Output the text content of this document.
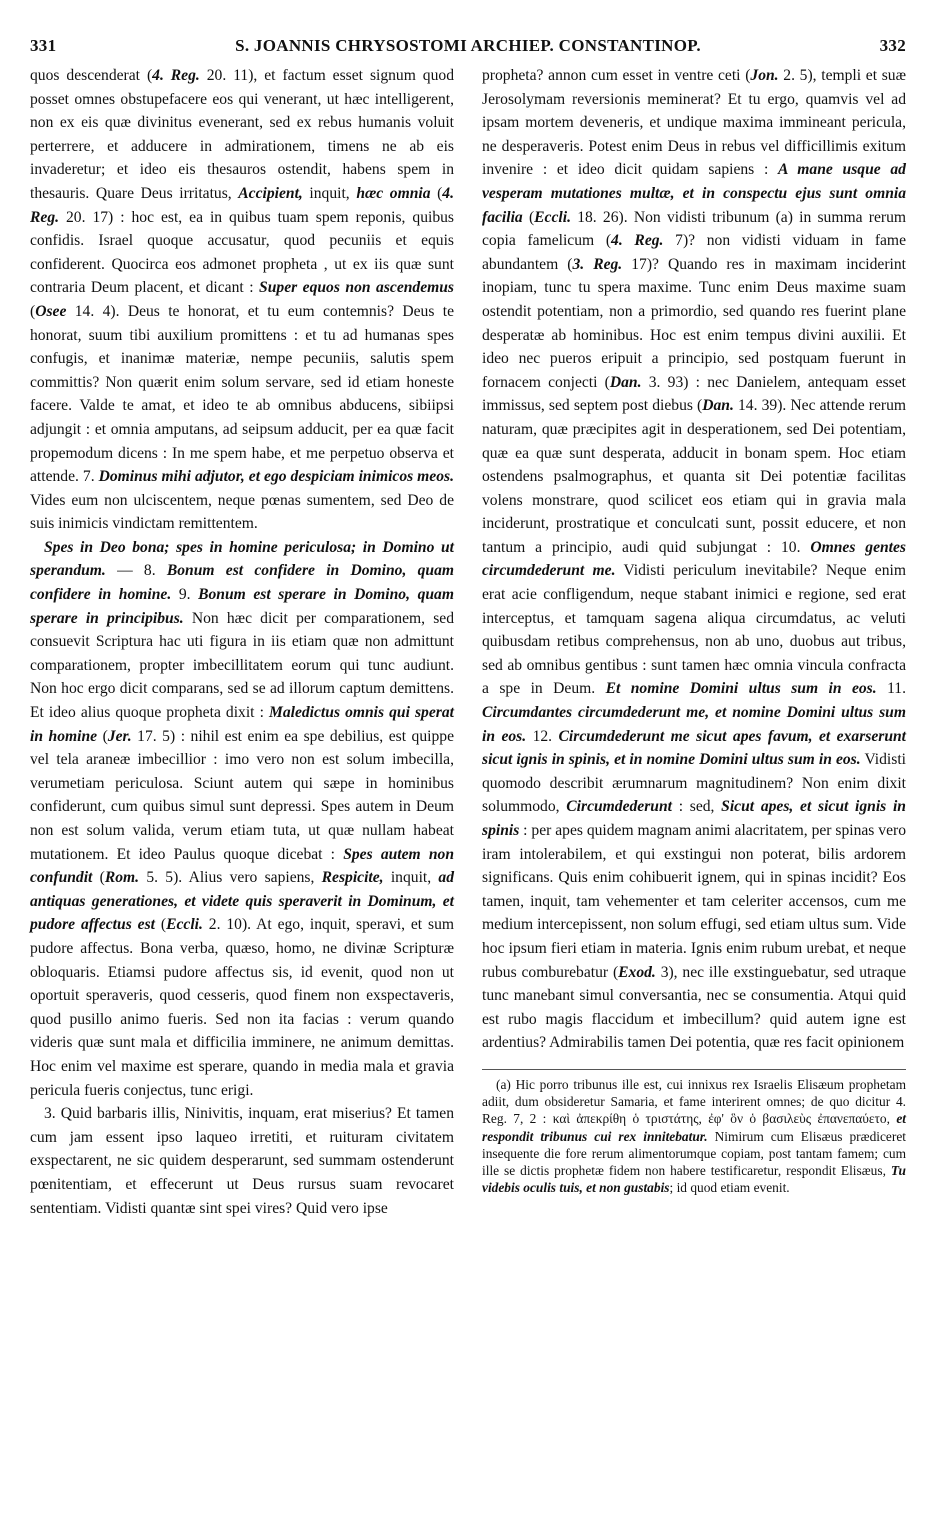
331	S. JOANNIS CHRYSOSTOMI ARCHIEP. CONSTANTINOP.	332

quos descenderat (4. Reg. 20. 11), et factum esset signum quod posset omnes obstupefacere eos qui venerant, ut hæc intelligerent, non ex eis quæ divinitus evenerant, sed ex rebus humanis voluit perterrere, et adducere in admirationem, timens ne ab eis invaderetur; et ideo eis thesauros ostendit, habens spem in thesauris. Quare Deus irritatus, Accipient, inquit, hæc omnia (4. Reg. 20. 17) : hoc est, ea in quibus tuam spem reponis, quibus confidis. Israel quoque accusatur, quod pecuniis et equis confiderent. Quocirca eos admonet propheta , ut ex iis quæ sunt contraria Deum placent, et dicant : Super equos non ascendemus (Osee 14. 4). Deus te honorat, et tu eum contemnis? Deus te honorat, suum tibi auxilium promittens : et tu ad humanas spes confugis, et inanimæ materiæ, nempe pecuniis, salutis spem committis? Non quærit enim solum servare, sed id etiam honeste facere. Valde te amat, et ideo te ab omnibus abducens, sibiipsi adjungit : et omnia amputans, ad seipsum adducit, per ea quæ facit propemodum dicens : In me spem habe, et me perpetuo observa et attende. 7. Dominus mihi adjutor, et ego despiciam inimicos meos. Vides eum non ulciscentem, neque pœnas sumentem, sed Deo de suis inimicis vindictam remittentem.

Spes in Deo bona; spes in homine periculosa; in Domino ut sperandum. — 8. Bonum est confidere in Domino, quam confidere in homine. 9. Bonum est sperare in Domino, quam sperare in principibus. Non hæc dicit per comparationem, sed consuevit Scriptura hac uti figura in iis etiam quæ non admittunt comparationem, propter imbecillitatem eorum qui tunc audiunt. Non hoc ergo dicit comparans, sed se ad illorum captum demittens. Et ideo alius quoque propheta dixit : Maledictus omnis qui sperat in homine (Jer. 17. 5) : nihil est enim ea spe debilius, est quippe vel tela araneæ imbecillior : imo vero non est solum imbecilla, verumetiam periculosa. Sciunt autem qui sæpe in hominibus confiderunt, cum quibus simul sunt depressi. Spes autem in Deum non est solum valida, verum etiam tuta, ut quæ nullam habeat mutationem. Et ideo Paulus quoque dicebat : Spes autem non confundit (Rom. 5. 5). Alius vero sapiens, Respicite, inquit, ad antiquas generationes, et videte quis speraverit in Dominum, et pudore affectus est (Eccli. 2. 10). At ego, inquit, speravi, et sum pudore affectus. Bona verba, quæso, homo, ne divinæ Scripturæ obloquaris. Etiamsi pudore affectus sis, id evenit, quod non ut oportuit speraveris, quod cesseris, quod finem non exspectaveris, quod pusillo animo fueris. Sed non ita facias : verum quando videris quæ sunt mala et difficilia imminere, ne animum demittas. Hoc enim vel maxime est sperare, quando in media mala et gravia pericula fueris conjectus, tunc erigi.

3. Quid barbaris illis, Ninivitis, inquam, erat miserius? Et tamen cum jam essent ipso laqueo irretiti, et ruituram civitatem exspectarent, ne sic quidem desperarunt, sed summam ostenderunt pœnitentiam, et effecerunt ut Deus rursus suam revocaret sententiam. Vidisti quantæ sint spei vires? Quid vero ipse

propheta? annon cum esset in ventre ceti (Jon. 2. 5), templi et suæ Jerosolymam reversionis meminerat? Et tu ergo, quamvis vel ad ipsam mortem deveneris, et undique maxima immineant pericula, ne desperaveris. Potest enim Deus in rebus vel difficillimis exitum invenire : et ideo dicit quidam sapiens : A mane usque ad vesperam mutationes multæ, et in conspectu ejus sunt omnia facilia (Eccli. 18. 26). Non vidisti tribunum (a) in summa rerum copia famelicum (4. Reg. 7)? non vidisti viduam in fame abundantem (3. Reg. 17)? Quando res in maximam inciderint inopiam, tunc tu spera maxime. Tunc enim Deus maxime suam ostendit potentiam, non a primordio, sed quando res fuerint plane desperatæ ab hominibus. Hoc est enim tempus divini auxilii. Et ideo nec pueros eripuit a principio, sed postquam fuerunt in fornacem conjecti (Dan. 3. 93) : nec Danielem, antequam esset immissus, sed septem post diebus (Dan. 14. 39). Nec attende rerum naturam, quæ præcipites agit in desperationem, sed Dei potentiam, quæ ea quæ sunt desperata, adducit in bonam spem. Hoc etiam ostendens psalmographus, et quanta sit Dei potentiæ facilitas volens monstrare, quod scilicet eos etiam qui in gravia mala inciderunt, prostratique et conculcati sunt, possit educere, et non tantum a principio, audi quid subjungat : 10. Omnes gentes circumdederunt me. Vidisti periculum inevitabile? Neque enim erat acie confligendum, neque stabant inimici e regione, sed erat interceptus, et tamquam sagena aliqua circumdatus, ac veluti quibusdam retibus comprehensus, non ab uno, duobus aut tribus, sed ab omnibus gentibus : sunt tamen hæc omnia vincula confracta a spe in Deum. Et nomine Domini ultus sum in eos. 11. Circumdantes circumdederunt me, et nomine Domini ultus sum in eos. 12. Circumdederunt me sicut apes favum, et exarserunt sicut ignis in spinis, et in nomine Domini ultus sum in eos. Vidisti quomodo describit ærumnarum magnitudinem? Non enim dixit solummodo, Circumdederunt : sed, Sicut apes, et sicut ignis in spinis : per apes quidem magnam animi alacritatem, per spinas vero iram intolerabilem, et qui exstingui non poterat, bilis ardorem significans. Quis enim cohibuerit ignem, qui in spinas incidit? Eos tamen, inquit, tam vehementer et tam celeriter accensos, cum me medium intercepissent, non solum effugi, sed etiam ultus sum. Vide hoc ipsum fieri etiam in materia. Ignis enim rubum urebat, et neque rubus comburebatur (Exod. 3), nec ille exstinguebatur, sed utraque tunc manebant simul conversantia, nec se consumentia. Atqui quid est rubo magis flaccidum et imbecillum? quid autem igne est ardentius? Admirabilis tamen Dei potentia, quæ res facit opinionem

(a) Hic porro tribunus ille est, cui innixus rex Israelis Elisæum prophetam adiit, dum obsideretur Samaria, et fame interirent omnes; de quo dicitur 4. Reg. 7, 2 : καὶ ἀπεκρίθη ὁ τριστάτης, ἐφ' ὃν ὁ βασιλεὺς ἐπανεπαύετο, et respondit tribunus cui rex innitebatur. Nimirum cum Elisæus prædiceret insequente die fore rerum alimentorumque copiam, post tantam famem; cum ille se dictis prophetæ fidem non habere testificaretur, respondit Elisæus, Tu videbis oculis tuis, et non gustabis; id quod etiam evenit.
